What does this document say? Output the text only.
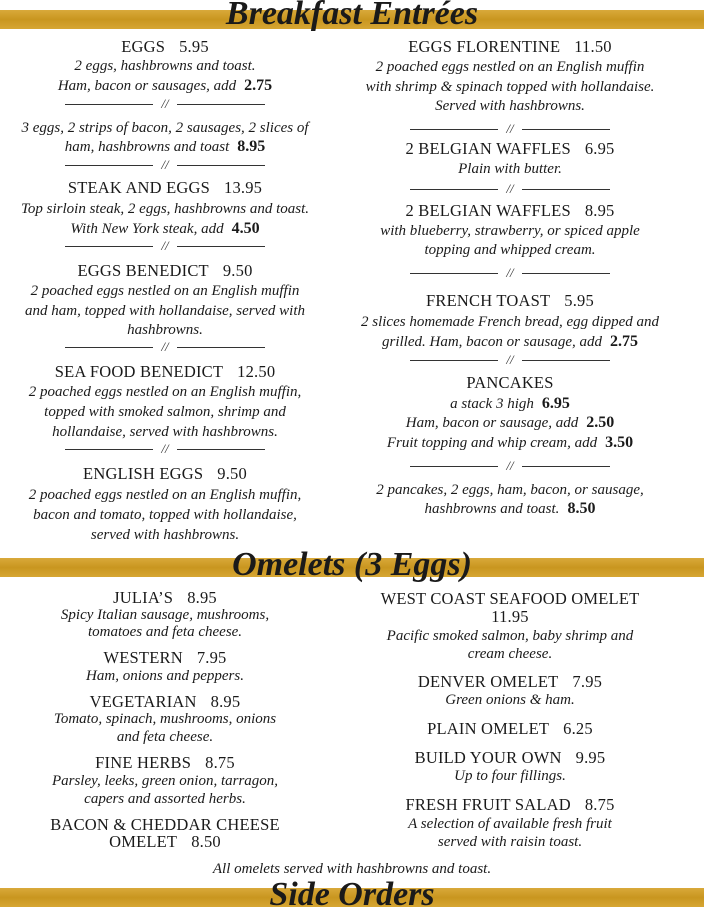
Breakfast Entrées
EGGS 5.95
2 eggs, hashbrowns and toast.
Ham, bacon or sausages, add 2.75
//
3 eggs, 2 strips of bacon, 2 sausages, 2 slices of
ham, hashbrowns and toast 8.95
//
STEAK AND EGGS 13.95
Top sirloin steak, 2 eggs, hashbrowns and toast.
With New York steak, add 4.50
//
EGGS BENEDICT 9.50
2 poached eggs nestled on an English muffin
and ham, topped with hollandaise, served with
hashbrowns.
//
SEA FOOD BENEDICT 12.50
2 poached eggs nestled on an English muffin,
topped with smoked salmon, shrimp and
hollandaise, served with hashbrowns.
//
ENGLISH EGGS 9.50
2 poached eggs nestled on an English muffin,
bacon and tomato, topped with hollandaise,
served with hashbrowns.
EGGS FLORENTINE 11.50
2 poached eggs nestled on an English muffin
with shrimp & spinach topped with hollandaise.
Served with hashbrowns.
//
2 BELGIAN WAFFLES 6.95
Plain with butter.
//
2 BELGIAN WAFFLES 8.95
with blueberry, strawberry, or spiced apple
topping and whipped cream.
//
FRENCH TOAST 5.95
2 slices homemade French bread, egg dipped and
grilled. Ham, bacon or sausage, add 2.75
//
PANCAKES
a stack 3 high 6.95
Ham, bacon or sausage, add 2.50
Fruit topping and whip cream, add 3.50
//
2 pancakes, 2 eggs, ham, bacon, or sausage,
hashbrowns and toast. 8.50
Omelets (3 Eggs)
JULIA’S 8.95
Spicy Italian sausage, mushrooms,
tomatoes and feta cheese.
WESTERN 7.95
Ham, onions and peppers.
VEGETARIAN 8.95
Tomato, spinach, mushrooms, onions
and feta cheese.
FINE HERBS 8.75
Parsley, leeks, green onion, tarragon,
capers and assorted herbs.
BACON & CHEDDAR CHEESE
OMELET 8.50
WEST COAST SEAFOOD OMELET
11.95
Pacific smoked salmon, baby shrimp and
cream cheese.
DENVER OMELET 7.95
Green onions & ham.
PLAIN OMELET 6.25
BUILD YOUR OWN 9.95
Up to four fillings.
FRESH FRUIT SALAD 8.75
A selection of available fresh fruit
served with raisin toast.
All omelets served with hashbrowns and toast.
Side Orders
